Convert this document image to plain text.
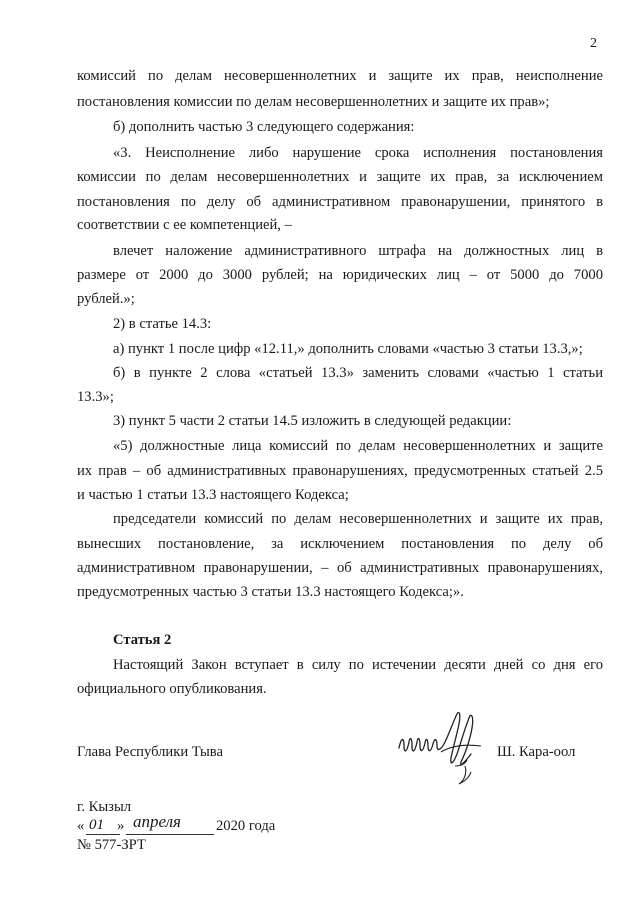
2
комиссий по делам несовершеннолетних и защите их прав, неисполнение
постановления комиссии по делам несовершеннолетних и защите их прав»;
б) дополнить частью 3 следующего содержания:
«3. Неисполнение либо нарушение срока исполнения постановления
комиссии по делам несовершеннолетних и защите их прав, за исключением
постановления по делу об административном правонарушении, принятого в
соответствии с ее компетенцией, –
влечет наложение административного штрафа на должностных лиц в
размере от 2000 до 3000 рублей; на юридических лиц – от 5000 до 7000
рублей.»;
2) в статье 14.3:
а) пункт 1 после цифр «12.11,» дополнить словами «частью 3 статьи 13.3,»;
б) в пункте 2 слова «статьей 13.3» заменить словами «частью 1 статьи
13.3»;
3) пункт 5 части 2 статьи 14.5 изложить в следующей редакции:
«5) должностные лица комиссий по делам несовершеннолетних и защите
их прав – об административных правонарушениях, предусмотренных статьей 2.5
и частью 1 статьи 13.3 настоящего Кодекса;
председатели комиссий по делам несовершеннолетних и защите их прав,
вынесших постановление, за исключением постановления по делу об
административном правонарушении, – об административных правонарушениях,
предусмотренных частью 3 статьи 13.3 настоящего Кодекса;».
Статья 2
Настоящий Закон вступает в силу по истечении десяти дней со дня его
официального опубликования.
Глава Республики Тыва	Ш. Кара-оол
г. Кызыл
« 01 » апреля	2020 года
№ 577-ЗРТ
